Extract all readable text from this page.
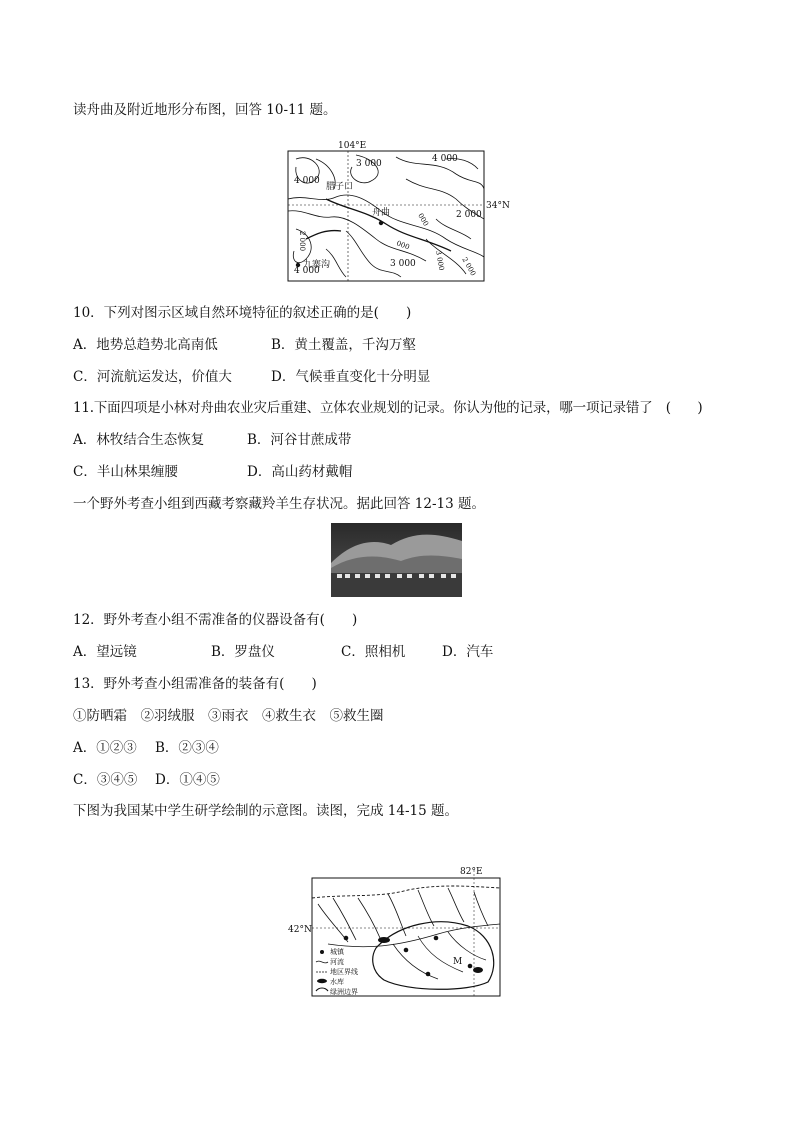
读舟曲及附近地形分布图，回答 10-11 题。
104°E
34°N
3 000
4 000
2 000
4 000
3 000
4 000
000
2 000	000
2 000
3 000
腊子口
舟曲
九寨沟
10．下列对图示区域自然环境特征的叙述正确的是(　　)
A．地势总趋势北高南低	B．黄土覆盖，千沟万壑
C．河流航运发达，价值大	D．气候垂直变化十分明显
11.下面四项是小林对舟曲农业灾后重建、立体农业规划的记录。你认为他的记录，哪一项记录错了　(　　)
A．林牧结合生态恢复	B．河谷甘蔗成带
C．半山林果缠腰	D．高山药材戴帽
一个野外考查小组到西藏考察藏羚羊生存状况。据此回答 12-13 题。
12．野外考查小组不需准备的仪器设备有(　　)
A．望远镜	B．罗盘仪	C．照相机	D．汽车
13．野外考查小组需准备的装备有(　　)
①防晒霜　②羽绒服　③雨衣　④救生衣　⑤救生圈
A．①②③ B．②③④
C．③④⑤ D．①④⑤
下图为我国某中学生研学绘制的示意图。读图，完成 14-15 题。
82°E
42°N
M
城镇
河流
地区界线
水库
绿洲边界
